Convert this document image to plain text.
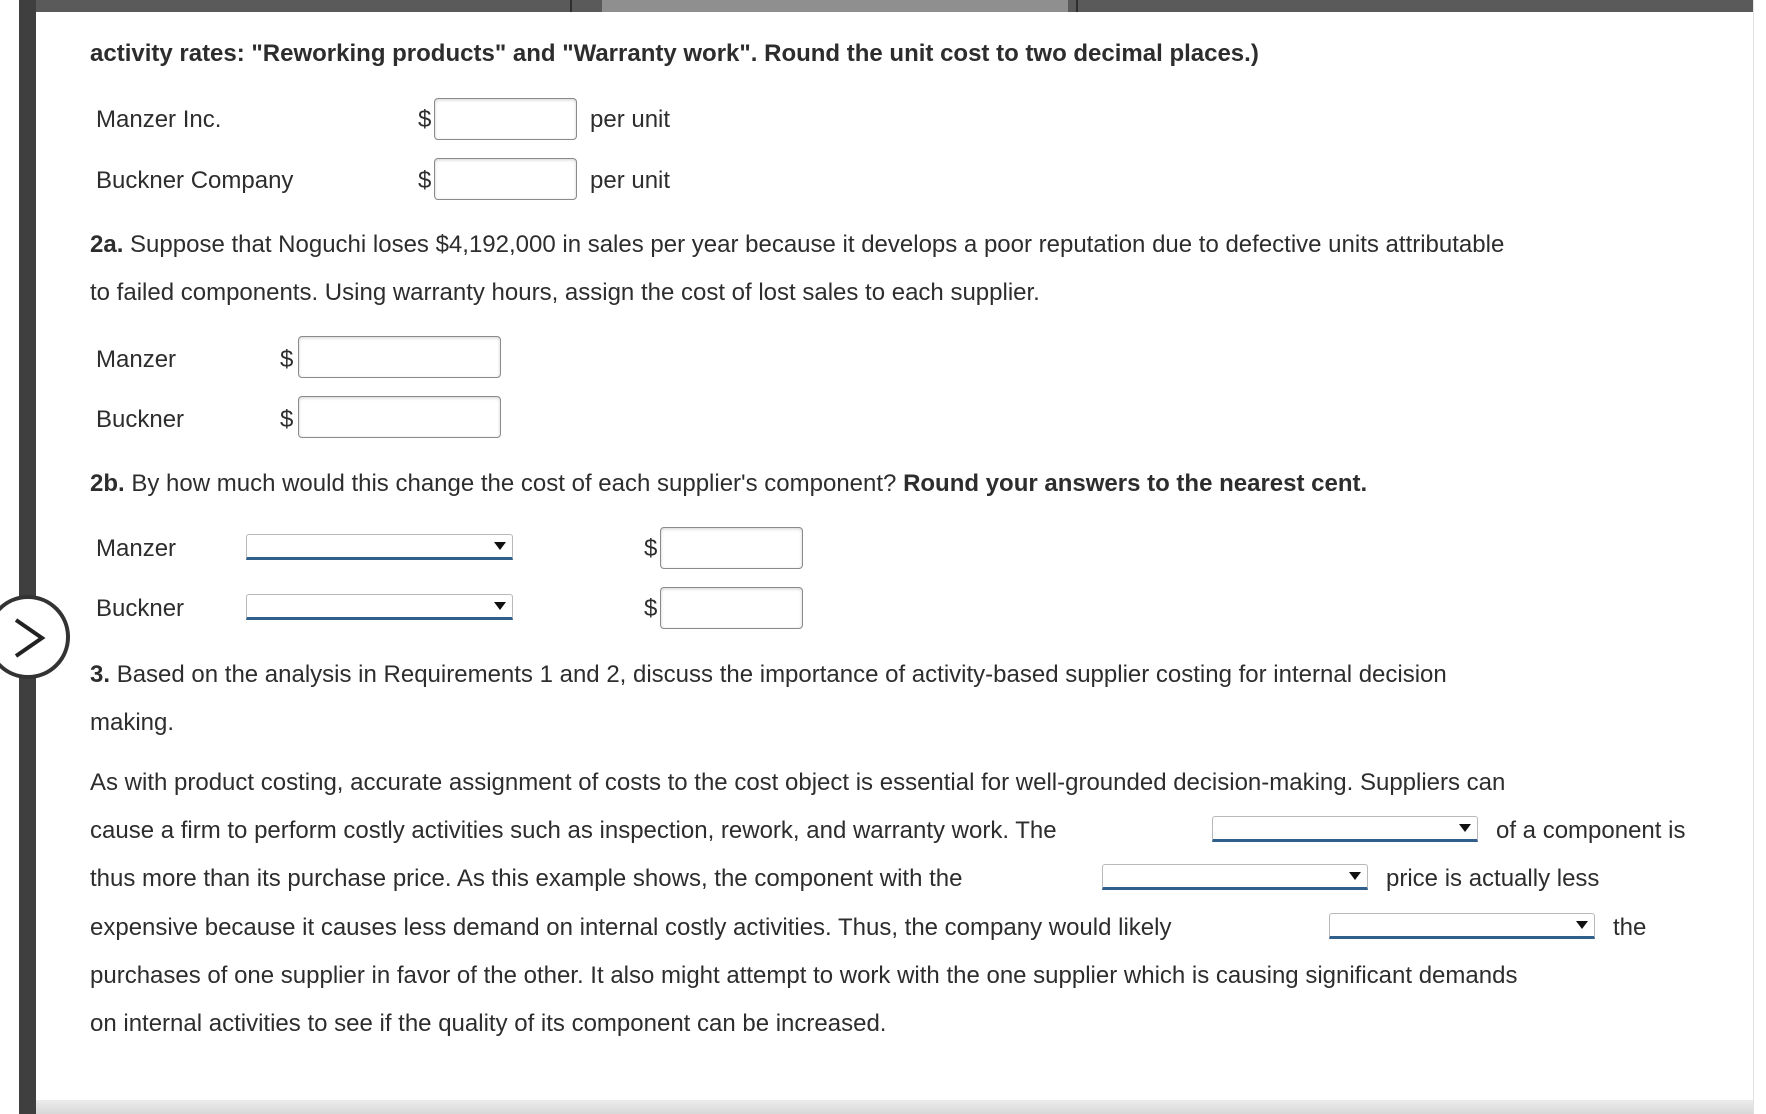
activity rates: "Reworking products" and "Warranty work". Round the unit cost to two decimal places.)
Manzer Inc.	$	per unit
Buckner Company	$	per unit
2a. Suppose that Noguchi loses $4,192,000 in sales per year because it develops a poor reputation due to defective units attributable
to failed components. Using warranty hours, assign the cost of lost sales to each supplier.
Manzer	$
Buckner	$
2b. By how much would this change the cost of each supplier's component? Round your answers to the nearest cent.
Manzer	$
Buckner	$
3. Based on the analysis in Requirements 1 and 2, discuss the importance of activity-based supplier costing for internal decision
making.
As with product costing, accurate assignment of costs to the cost object is essential for well-grounded decision-making. Suppliers can
cause a firm to perform costly activities such as inspection, rework, and warranty work. The	of a component is
thus more than its purchase price. As this example shows, the component with the	price is actually less
expensive because it causes less demand on internal costly activities. Thus, the company would likely	the
purchases of one supplier in favor of the other. It also might attempt to work with the one supplier which is causing significant demands
on internal activities to see if the quality of its component can be increased.
